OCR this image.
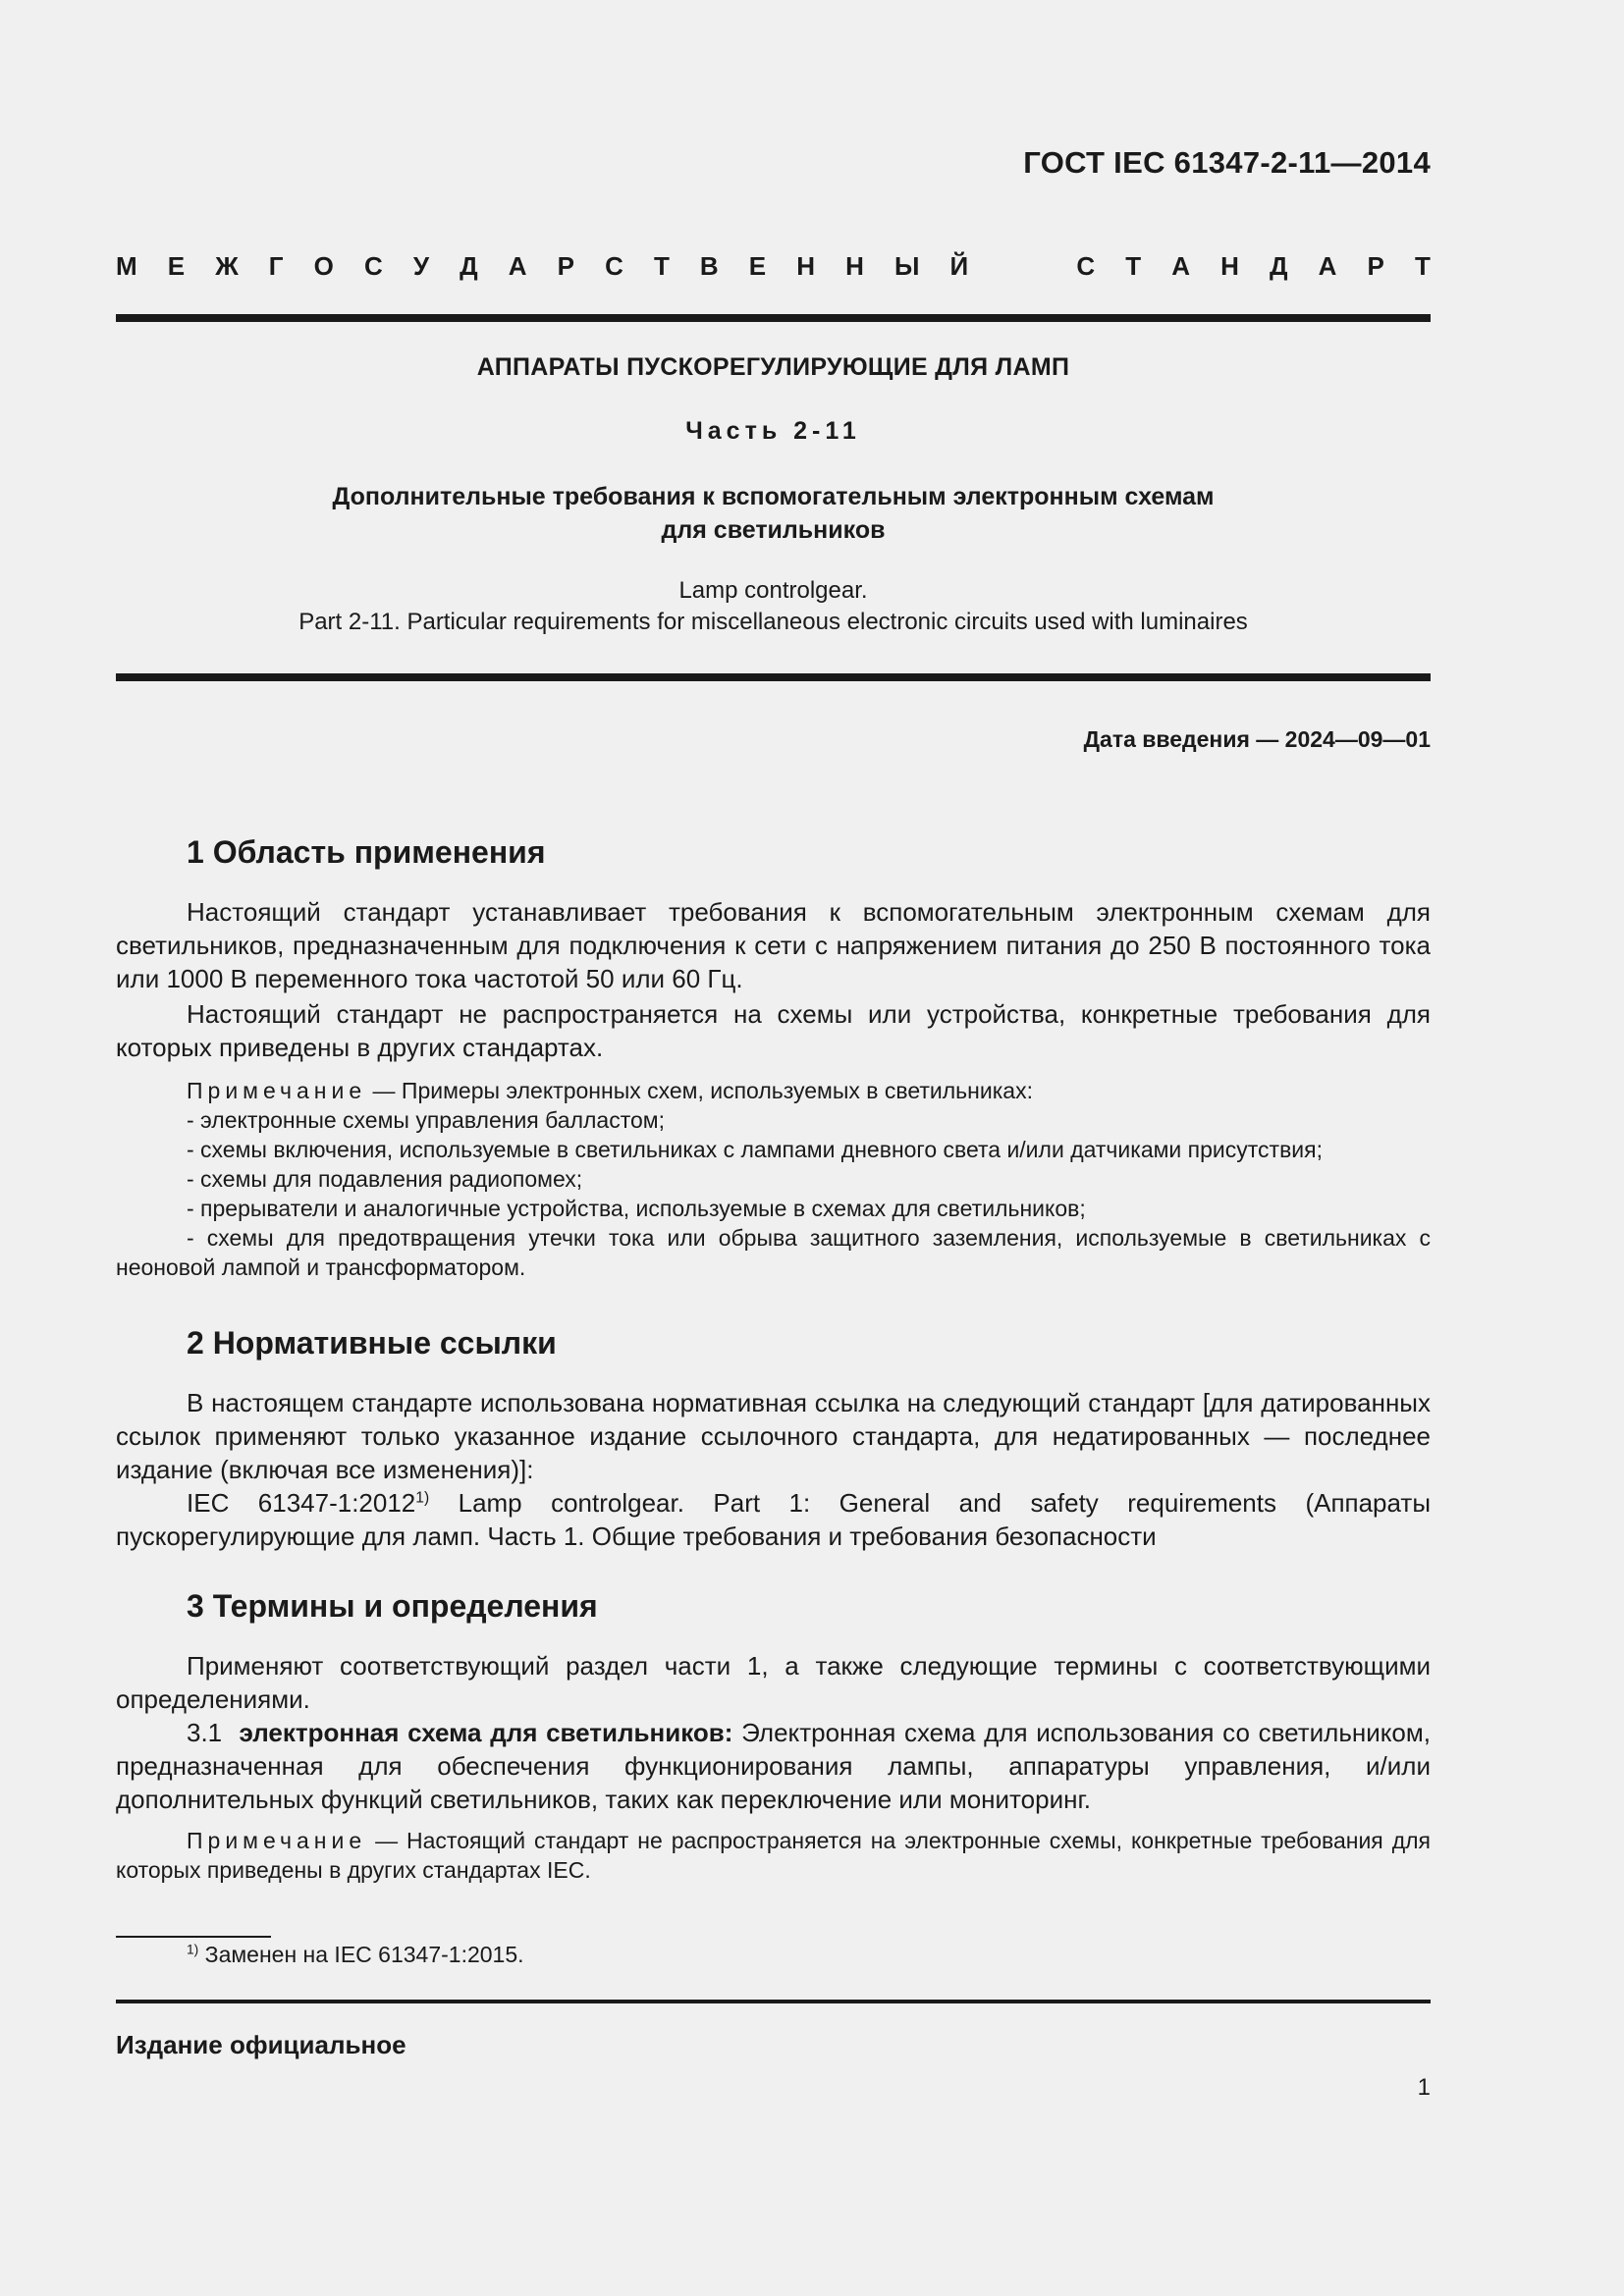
ГОСТ IEC 61347-2-11—2014

М Е Ж Г О С У Д А Р С Т В Е Н Н Ы Й	С Т А Н Д А Р Т

АППАРАТЫ ПУСКОРЕГУЛИРУЮЩИЕ ДЛЯ ЛАМП

Часть 2-11

Дополнительные требования к вспомогательным электронным схемам
для светильников

Lamp controlgear.
Part 2-11. Particular requirements for miscellaneous electronic circuits used with luminaires

Дата введения — 2024—09—01

1 Область применения

Настоящий стандарт устанавливает требования к вспомогательным электронным схемам для светильников, предназначенным для подключения к сети с напряжением питания до 250 В постоянного тока или 1000 В переменного тока частотой 50 или 60 Гц.

Настоящий стандарт не распространяется на схемы или устройства, конкретные требования для которых приведены в других стандартах.

Примечание — Примеры электронных схем, используемых в светильниках:
- электронные схемы управления балластом;
- схемы включения, используемые в светильниках с лампами дневного света и/или датчиками присутствия;
- схемы для подавления радиопомех;
- прерыватели и аналогичные устройства, используемые в схемах для светильников;
- схемы для предотвращения утечки тока или обрыва защитного заземления, используемые в светильниках с неоновой лампой и трансформатором.
2 Нормативные ссылки

В настоящем стандарте использована нормативная ссылка на следующий стандарт [для датированных ссылок применяют только указанное издание ссылочного стандарта, для недатированных — последнее издание (включая все изменения)]:

IEC 61347-1:2012$^{1)}$ Lamp controlgear. Part 1: General and safety requirements (Аппараты пускорегулирующие для ламп. Часть 1. Общие требования и требования безопасности

3 Термины и определения

Применяют соответствующий раздел части 1, а также следующие термины с соответствующими определениями.

3.1 электронная схема для светильников: Электронная схема для использования со светильником, предназначенная для обеспечения функционирования лампы, аппаратуры управления, и/или дополнительных функций светильников, таких как переключение или мониторинг.

Примечание — Настоящий стандарт не распространяется на электронные схемы, конкретные требования для которых приведены в других стандартах IEC.

$^{1)}$ Заменен на IEC 61347-1:2015.

Издание официальное

1
